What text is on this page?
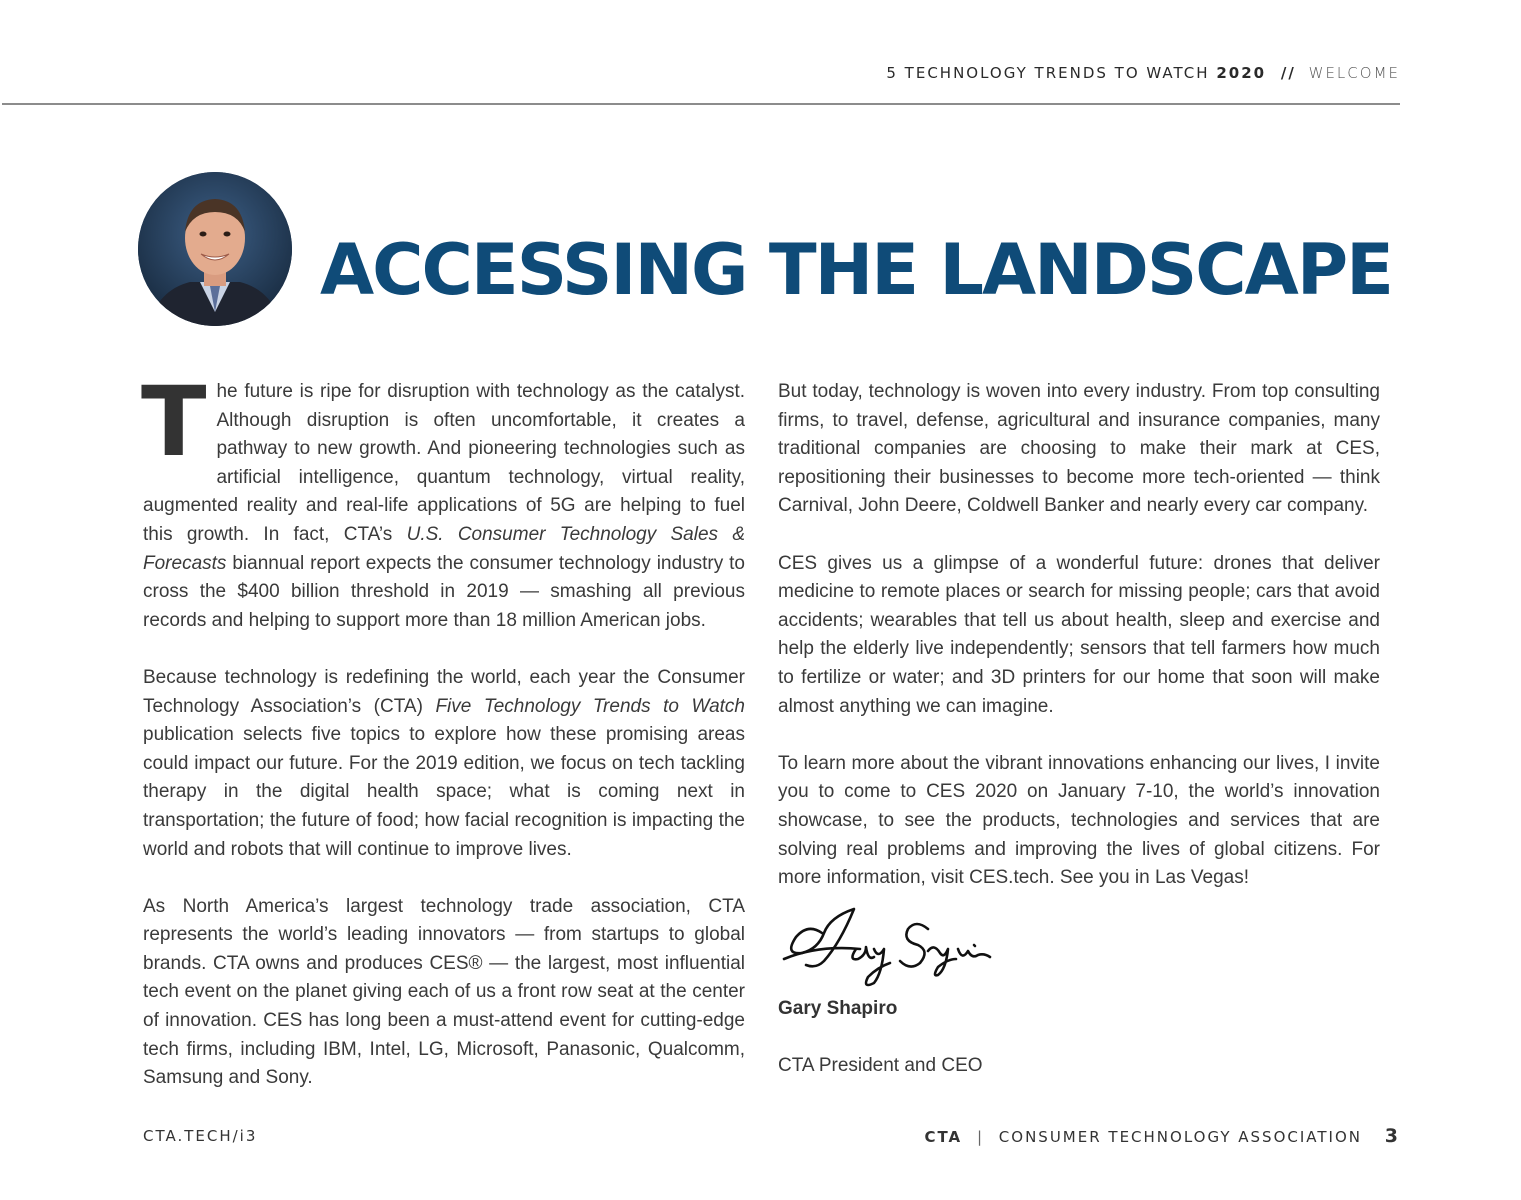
5 TECHNOLOGY TRENDS TO WATCH 2020 // WELCOME
ACCESSING THE LANDSCAPE

The future is ripe for disruption with technology as the catalyst. Although disruption is often uncomfortable, it creates a pathway to new growth. And pioneering technologies such as artificial intelligence, quantum technology, virtual reality, augmented reality and real-life applications of 5G are helping to fuel this growth. In fact, CTA’s U.S. Consumer Technology Sales & Forecasts biannual report expects the consumer technology industry to cross the $400 billion threshold in 2019 — smashing all previous records and helping to support more than 18 million American jobs.

Because technology is redefining the world, each year the Consumer Technology Association’s (CTA) Five Technology Trends to Watch publication selects five topics to explore how these promising areas could impact our future. For the 2019 edition, we focus on tech tackling therapy in the digital health space; what is coming next in transportation; the future of food; how facial recognition is impacting the world and robots that will continue to improve lives.

As North America’s largest technology trade association, CTA represents the world’s leading innovators — from startups to global brands. CTA owns and produces CES® — the largest, most influential tech event on the planet giving each of us a front row seat at the center of innovation. CES has long been a must-attend event for cutting-edge tech firms, including IBM, Intel, LG, Microsoft, Panasonic, Qualcomm, Samsung and Sony.

But today, technology is woven into every industry. From top consulting firms, to travel, defense, agricultural and insurance companies, many traditional companies are choosing to make their mark at CES, repositioning their businesses to become more tech-oriented — think Carnival, John Deere, Coldwell Banker and nearly every car company.

CES gives us a glimpse of a wonderful future: drones that deliver medicine to remote places or search for missing people; cars that avoid accidents; wearables that tell us about health, sleep and exercise and help the elderly live independently; sensors that tell farmers how much to fertilize or water; and 3D printers for our home that soon will make almost anything we can imagine.

To learn more about the vibrant innovations enhancing our lives, I invite you to come to CES 2020 on January 7-10, the world’s innovation showcase, to see the products, technologies and services that are solving real problems and improving the lives of global citizens. For more information, visit CES.tech. See you in Las Vegas!

Gary Shapiro

CTA President and CEO

CTA.TECH/i3	CTA | CONSUMER TECHNOLOGY ASSOCIATION 3
